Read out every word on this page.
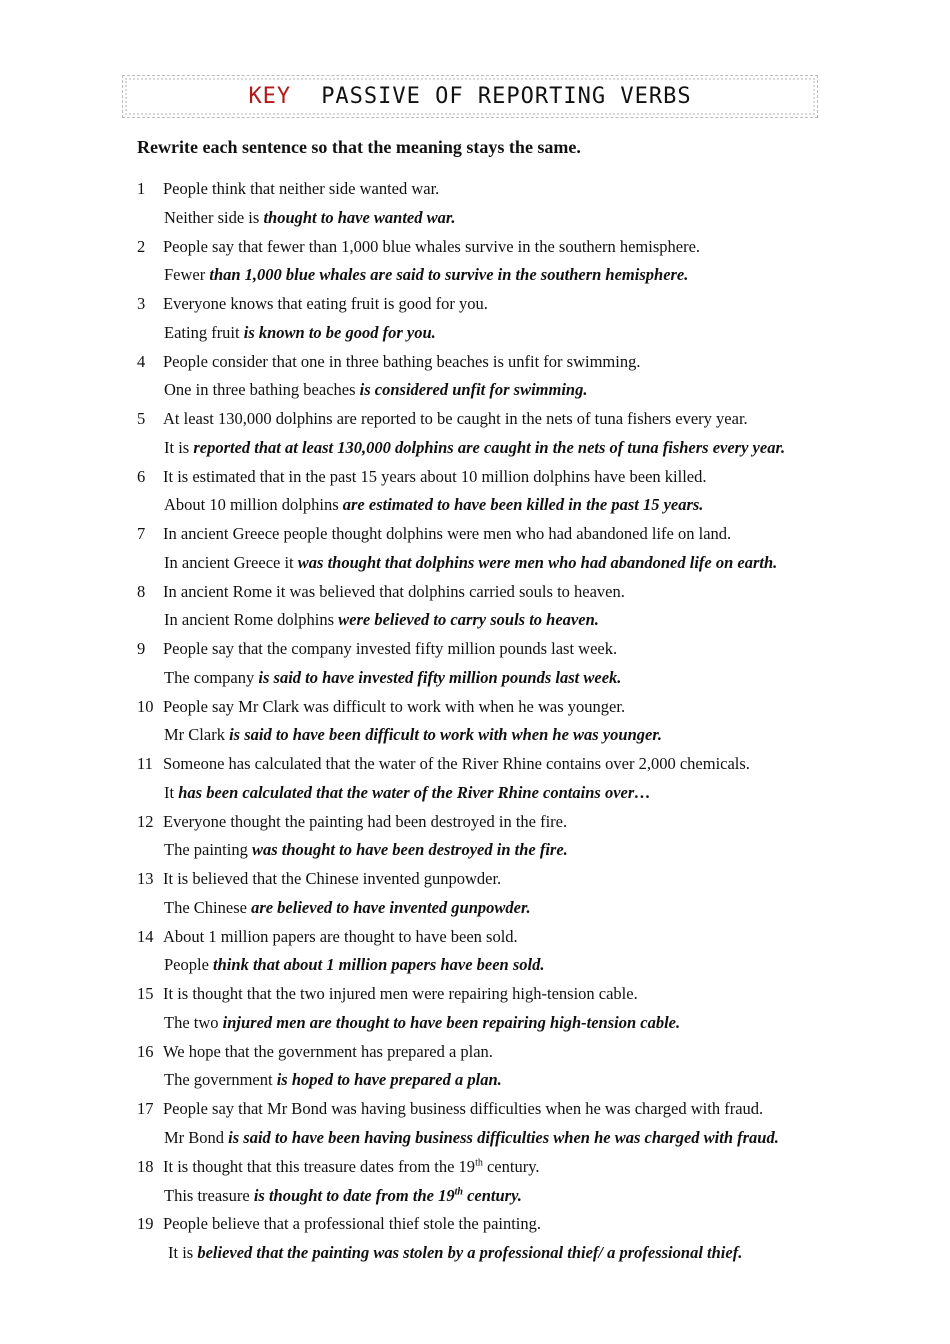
KEY PASSIVE OF REPORTING VERBS
Rewrite each sentence so that the meaning stays the same.
1 People think that neither side wanted war.
Neither side is thought to have wanted war.
2 People say that fewer than 1,000 blue whales survive in the southern hemisphere.
Fewer than 1,000 blue whales are said to survive in the southern hemisphere.
3 Everyone knows that eating fruit is good for you.
Eating fruit is known to be good for you.
4 People consider that one in three bathing beaches is unfit for swimming.
One in three bathing beaches is considered unfit for swimming.
5 At least 130,000 dolphins are reported to be caught in the nets of tuna fishers every year.
It is reported that at least 130,000 dolphins are caught in the nets of tuna fishers every year.
6 It is estimated that in the past 15 years about 10 million dolphins have been killed.
About 10 million dolphins are estimated to have been killed in the past 15 years.
7 In ancient Greece people thought dolphins were men who had abandoned life on land.
In ancient Greece it was thought that dolphins were men who had abandoned life on earth.
8 In ancient Rome it was believed that dolphins carried souls to heaven.
In ancient Rome dolphins were believed to carry souls to heaven.
9 People say that the company invested fifty million pounds last week.
The company is said to have invested fifty million pounds last week.
10 People say Mr Clark was difficult to work with when he was younger.
Mr Clark is said to have been difficult to work with when he was younger.
11 Someone has calculated that the water of the River Rhine contains over 2,000 chemicals.
It has been calculated that the water of the River Rhine contains over…
12 Everyone thought the painting had been destroyed in the fire.
The painting was thought to have been destroyed in the fire.
13 It is believed that the Chinese invented gunpowder.
The Chinese are believed to have invented gunpowder.
14 About 1 million papers are thought to have been sold.
People think that about 1 million papers have been sold.
15 It is thought that the two injured men were repairing high-tension cable.
The two injured men are thought to have been repairing high-tension cable.
16 We hope that the government has prepared a plan.
The government is hoped to have prepared a plan.
17 People say that Mr Bond was having business difficulties when he was charged with fraud.
Mr Bond is said to have been having business difficulties when he was charged with fraud.
18 It is thought that this treasure dates from the 19th century.
This treasure is thought to date from the 19th century.
19 People believe that a professional thief stole the painting.
It is believed that the painting was stolen by a professional thief/ a professional thief.
